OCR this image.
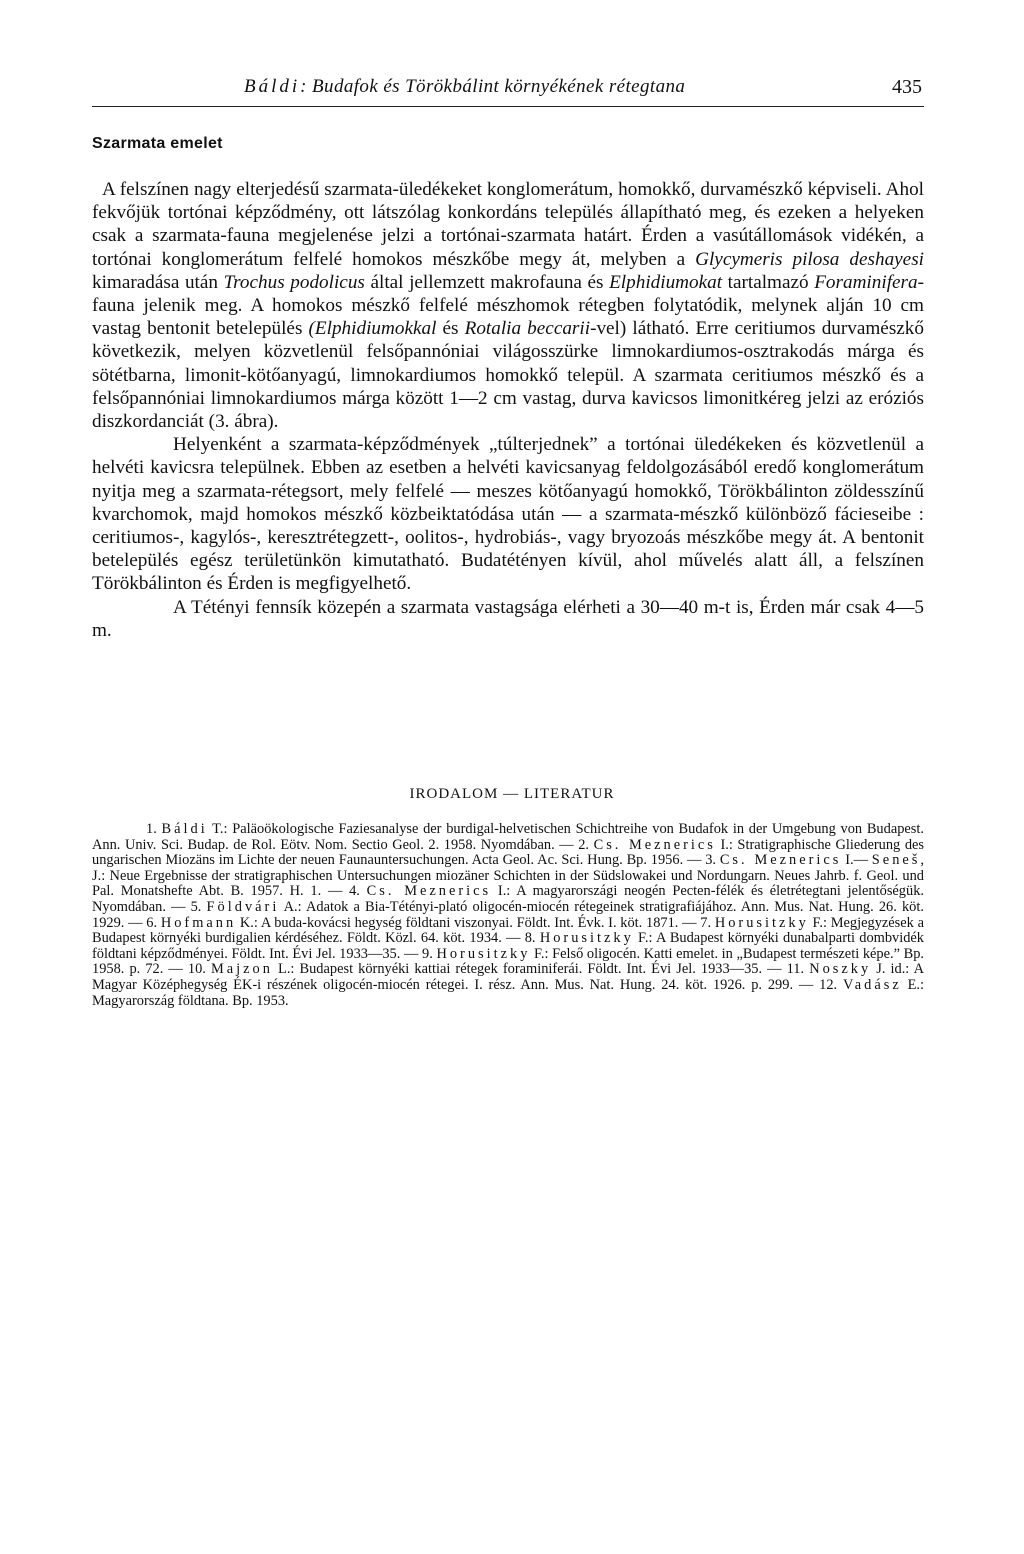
Báldi: Budafok és Törökbálint környékének rétegtana	435
Szarmata emelet

A felszínen nagy elterjedésű szarmata-üledékeket konglomerátum, homokkő, durvamészkő képviseli. Ahol fekvőjük tortónai képződmény, ott látszólag konkordáns település állapítható meg, és ezeken a helyeken csak a szarmata-fauna megjelenése jelzi a tortónai-szarmata határt. Érden a vasútállomások vidékén, a tortónai konglomerátum felfelé homokos mészkőbe megy át, melyben a Glycymeris pilosa deshayesi kimaradása után Trochus podolicus által jellemzett makrofauna és Elphidiumokat tartalmazó Foraminifera-fauna jelenik meg. A homokos mészkő felfelé mészhomok rétegben folytatódik, melynek alján 10 cm vastag bentonit betelepülés (Elphidiumokkal és Rotalia beccarii-vel) látható. Erre ceritiumos durvamészkő következik, melyen közvetlenül felsőpannóniai világosszürke limnokardiumos-osztrakodás márga és sötétbarna, limonit-kötőanyagú, limnokardiumos homokkő települ. A szarmata ceritiumos mészkő és a felsőpannóniai limnokardiumos márga között 1—2 cm vastag, durva kavicsos limonitkéreg jelzi az eróziós diszkordanciát (3. ábra).

Helyenként a szarmata-képződmények „túlterjednek” a tortónai üledékeken és közvetlenül a helvéti kavicsra települnek. Ebben az esetben a helvéti kavicsanyag feldolgozásából eredő konglomerátum nyitja meg a szarmata-rétegsort, mely felfelé — meszes kötőanyagú homokkő, Törökbálinton zöldesszínű kvarchomok, majd homokos mészkő közbeiktatódása után — a szarmata-mészkő különböző fácieseibe : ceritiumos-, kagylós-, keresztrétegzett-, oolitos-, hydrobiás-, vagy bryozoás mészkőbe megy át. A bentonit betelepülés egész területünkön kimutatható. Budatétényen kívül, ahol művelés alatt áll, a felszínen Törökbálinton és Érden is megfigyelhető.

A Tétényi fennsík közepén a szarmata vastagsága elérheti a 30—40 m-t is, Érden már csak 4—5 m.

IRODALOM — LITERATUR
1. Báldi T.: Paläoökologische Faziesanalyse der burdigal-helvetischen Schichtreihe von Budafok in der Umgebung von Budapest. Ann. Univ. Sci. Budap. de Rol. Eötv. Nom. Sectio Geol. 2. 1958. Nyomdában. — 2. Cs. Meznerics I.: Stratigraphische Gliederung des ungarischen Miozäns im Lichte der neuen Faunauntersuchungen. Acta Geol. Ac. Sci. Hung. Bp. 1956. — 3. Cs. Meznerics I.— Seneš, J.: Neue Ergebnisse der stratigraphischen Untersuchungen miozäner Schichten in der Südslowakei und Nordungarn. Neues Jahrb. f. Geol. und Pal. Monatshefte Abt. B. 1957. H. 1. — 4. Cs. Meznerics I.: A magyarországi neogén Pecten-félék és életrétegtani jelentőségük. Nyomdában. — 5. Földvári A.: Adatok a Bia-Tétényi-plató oligocén-miocén rétegeinek stratigrafiájához. Ann. Mus. Nat. Hung. 26. köt. 1929. — 6. Hofmann K.: A buda-kovácsi hegység földtani viszonyai. Földt. Int. Évk. I. köt. 1871. — 7. Horusitzky F.: Megjegyzések a Budapest környéki burdigalien kérdéséhez. Földt. Közl. 64. köt. 1934. — 8. Horusitzky F.: A Budapest környéki dunabalparti dombvidék földtani képződményei. Földt. Int. Évi Jel. 1933—35. — 9. Horusitzky F.: Felső oligocén. Katti emelet. in „Budapest természeti képe.” Bp. 1958. p. 72. — 10. Majzon L.: Budapest környéki kattiai rétegek foraminiferái. Földt. Int. Évi Jel. 1933—35. — 11. Noszky J. id.: A Magyar Középhegység ÉK-i részének oligocén-miocén rétegei. I. rész. Ann. Mus. Nat. Hung. 24. köt. 1926. p. 299. — 12. Vadász E.: Magyarország földtana. Bp. 1953.
